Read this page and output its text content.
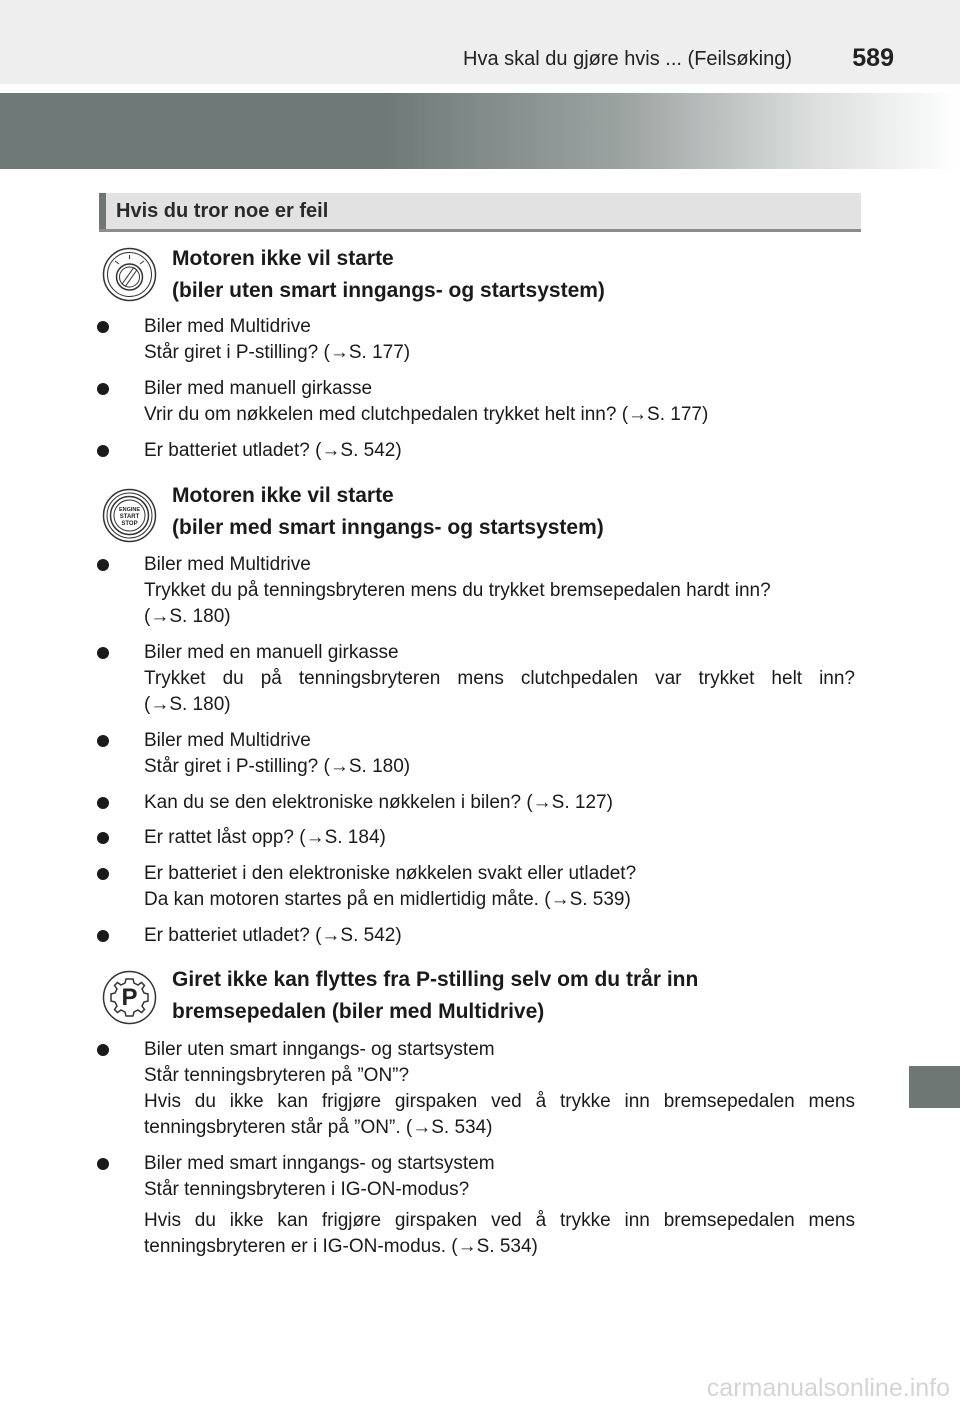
Hva skal du gjøre hvis ... (Feilsøking) 589
Hvis du tror noe er feil
Motoren ikke vil starte
(biler uten smart inngangs- og startsystem)
Biler med Multidrive
Står giret i P-stilling? (→S. 177)
Biler med manuell girkasse
Vrir du om nøkkelen med clutchpedalen trykket helt inn? (→S. 177)
Er batteriet utladet? (→S. 542)
ENGINE
START
STOP
Motoren ikke vil starte
(biler med smart inngangs- og startsystem)
Biler med Multidrive
Trykket du på tenningsbryteren mens du trykket bremsepedalen hardt inn?
(→S. 180)
Biler med en manuell girkasse
Trykket du på tenningsbryteren mens clutchpedalen var trykket helt inn?
(→S. 180)
Biler med Multidrive
Står giret i P-stilling? (→S. 180)
Kan du se den elektroniske nøkkelen i bilen? (→S. 127)
Er rattet låst opp? (→S. 184)
Er batteriet i den elektroniske nøkkelen svakt eller utladet?
Da kan motoren startes på en midlertidig måte. (→S. 539)
Er batteriet utladet? (→S. 542)
P
Giret ikke kan flyttes fra P-stilling selv om du trår inn
bremsepedalen (biler med Multidrive)
Biler uten smart inngangs- og startsystem
Står tenningsbryteren på ”ON”?
Hvis du ikke kan frigjøre girspaken ved å trykke inn bremsepedalen mens
tenningsbryteren står på ”ON”. (→S. 534)
Biler med smart inngangs- og startsystem
Står tenningsbryteren i IG-ON-modus?
Hvis du ikke kan frigjøre girspaken ved å trykke inn bremsepedalen mens
tenningsbryteren er i IG-ON-modus. (→S. 534)
carmanualsonline.info
